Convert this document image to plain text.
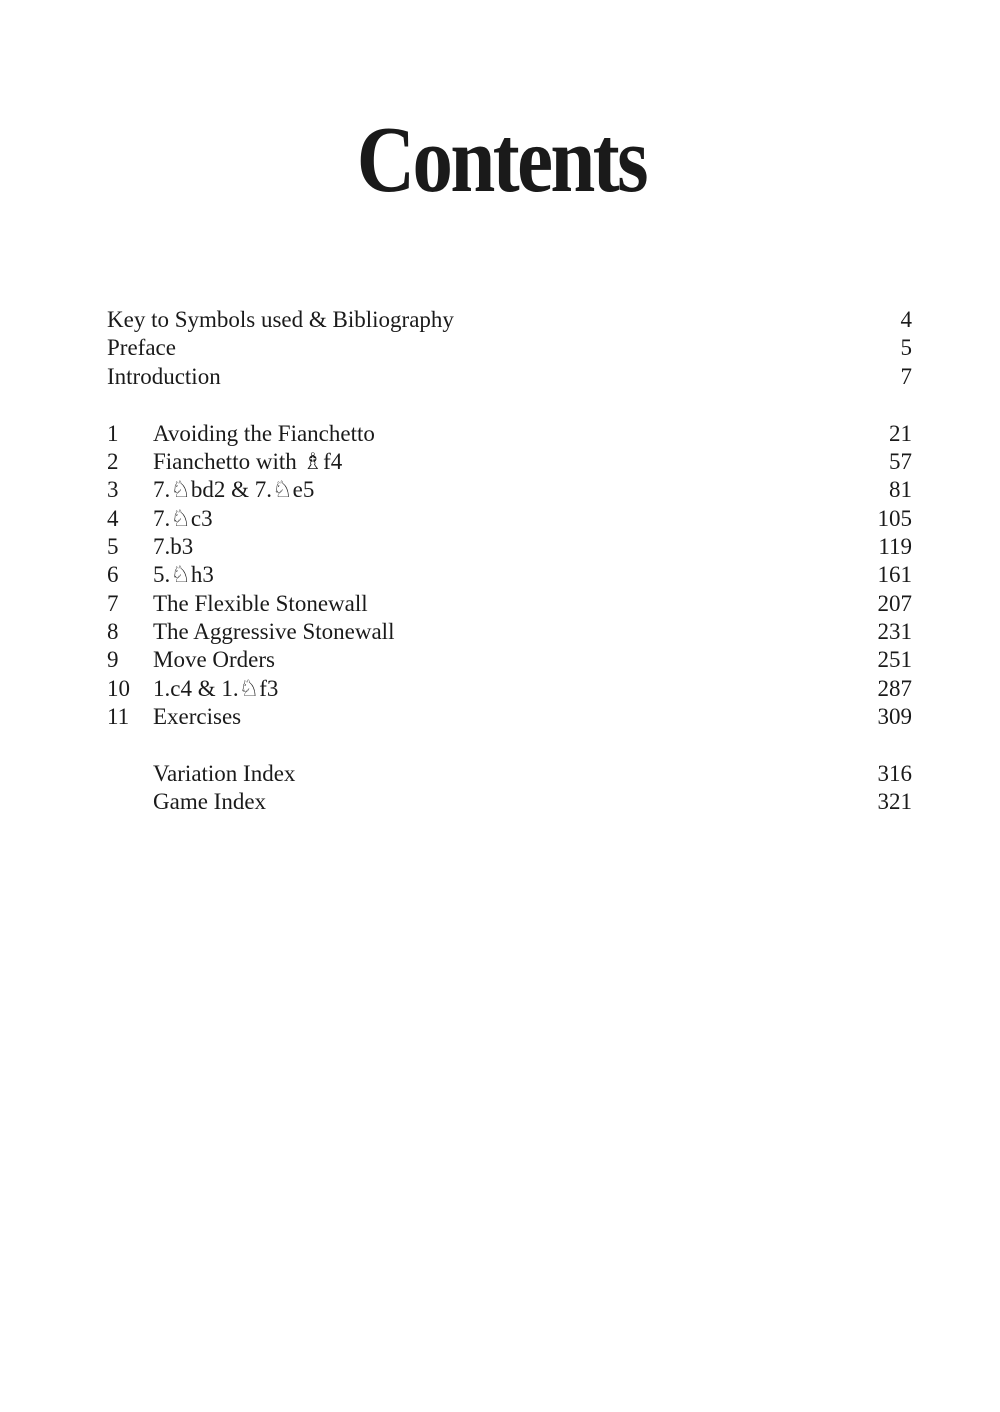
Contents
Key to Symbols used & Bibliography	4
Preface	5
Introduction	7
1	Avoiding the Fianchetto	21
2	Fianchetto with ♗f4	57
3	7.♘bd2 & 7.♘e5	81
4	7.♘c3	105
5	7.b3	119
6	5.♘h3	161
7	The Flexible Stonewall	207
8	The Aggressive Stonewall	231
9	Move Orders	251
10	1.c4 & 1.♘f3	287
11	Exercises	309
Variation Index	316
Game Index	321
